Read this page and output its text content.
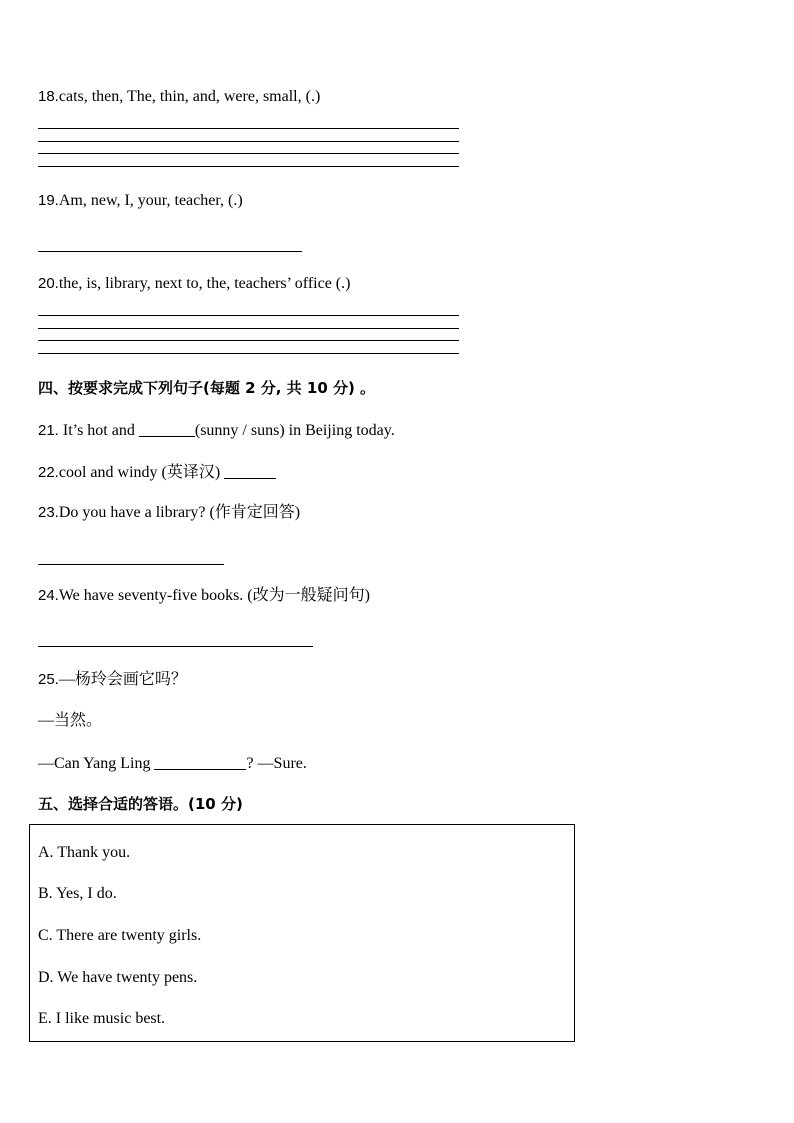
18.cats, then, The, thin, and, were, small, (.)
19.Am, new, I, your, teacher, (.)
20.the, is, library, next to, the, teachers’ office (.)
四、按要求完成下列句子(每题 2 分, 共 10 分) 。
21. It’s hot and	(sunny / suns) in Beijing today.
22.cool and windy (英译汉)
23.Do you have a library? (作肯定回答)
24.We have seventy-five books. (改为一般疑问句)
25.—杨玲会画它吗？
—当然。
—Can Yang Ling	? —Sure.
五、选择合适的答语。(10 分)
A. Thank you.
B. Yes, I do.
C. There are twenty girls.
D. We have twenty pens.
E. I like music best.
